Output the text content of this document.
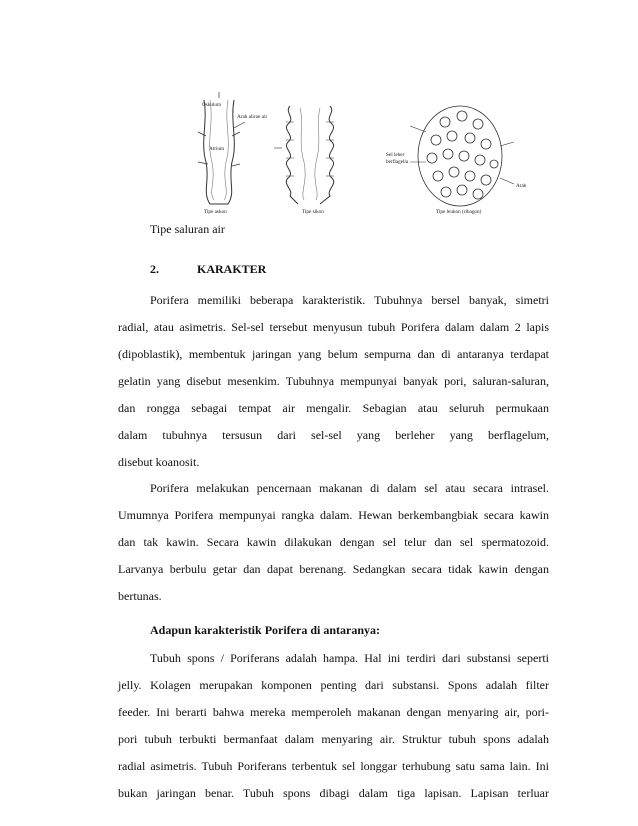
Oskulum
Arah aliran air
Atrium
Tipe askon	Tipe sikon
Sel leher
berflagella
Arah
Tipe leukon (ribagon)
Tipe saluran air
2.	KARAKTER
Porifera memiliki beberapa karakteristik. Tubuhnya bersel banyak, simetri
radial, atau asimetris. Sel-sel tersebut menyusun tubuh Porifera dalam dalam 2 lapis
(dipoblastik), membentuk jaringan yang belum sempurna dan di antaranya terdapat
gelatin yang disebut mesenkim. Tubuhnya mempunyai banyak pori, saluran-saluran,
dan rongga sebagai tempat air mengalir. Sebagian atau seluruh permukaan
dalam tubuhnya tersusun dari sel-sel yang berleher yang berflagelum,
disebut koanosit.
Porifera melakukan pencernaan makanan di dalam sel atau secara intrasel.
Umumnya Porifera mempunyai rangka dalam. Hewan berkembangbiak secara kawin
dan tak kawin. Secara kawin dilakukan dengan sel telur dan sel spermatozoid.
Larvanya berbulu getar dan dapat berenang. Sedangkan secara tidak kawin dengan
bertunas.
Adapun karakteristik Porifera di antaranya:
Tubuh spons / Poriferans adalah hampa. Hal ini terdiri dari substansi seperti
jelly. Kolagen merupakan komponen penting dari substansi. Spons adalah filter
feeder. Ini berarti bahwa mereka memperoleh makanan dengan menyaring air, pori-
pori tubuh terbukti bermanfaat dalam menyaring air. Struktur tubuh spons adalah
radial asimetris. Tubuh Poriferans terbentuk sel longgar terhubung satu sama lain. Ini
bukan jaringan benar. Tubuh spons dibagi dalam tiga lapisan. Lapisan terluar
